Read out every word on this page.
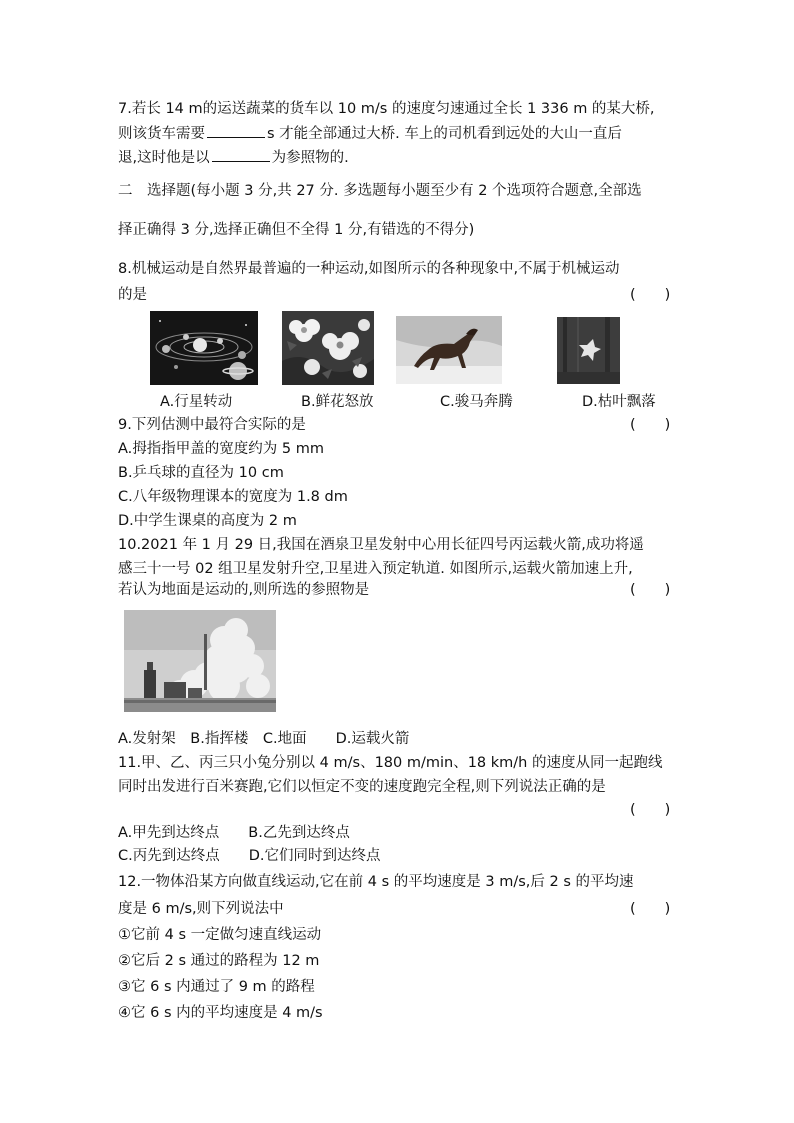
7.若长 14 m的运送蔬菜的货车以 10 m/s 的速度匀速通过全长 1 336 m 的某大桥,
则该货车需要	s 才能全部通过大桥. 车上的司机看到远处的大山一直后
退,这时他是以	为参照物的.
二　选择题(每小题 3 分,共 27 分. 多选题每小题至少有 2 个选项符合题意,全部选
择正确得 3 分,选择正确但不全得 1 分,有错选的不得分)
8.机械运动是自然界最普遍的一种运动,如图所示的各种现象中,不属于机械运动
的是	(　　)
A.行星转动	B.鲜花怒放	C.骏马奔腾	D.枯叶飘落
9.下列估测中最符合实际的是	(　　)
A.拇指指甲盖的宽度约为 5 mm
B.乒乓球的直径为 10 cm
C.八年级物理课本的宽度为 1.8 dm
D.中学生课桌的高度为 2 m
10.2021 年 1 月 29 日,我国在酒泉卫星发射中心用长征四号丙运载火箭,成功将遥
感三十一号 02 组卫星发射升空,卫星进入预定轨道. 如图所示,运载火箭加速上升,
若认为地面是运动的,则所选的参照物是	(　　)
A.发射架　B.指挥楼　C.地面　　D.运载火箭
11.甲、乙、丙三只小兔分别以 4 m/s、180 m/min、18 km/h 的速度从同一起跑线
同时出发进行百米赛跑,它们以恒定不变的速度跑完全程,则下列说法正确的是
(　　)
A.甲先到达终点　　B.乙先到达终点
C.丙先到达终点　　D.它们同时到达终点
12.一物体沿某方向做直线运动,它在前 4 s 的平均速度是 3 m/s,后 2 s 的平均速
度是 6 m/s,则下列说法中	(　　)
①它前 4 s 一定做匀速直线运动
②它后 2 s 通过的路程为 12 m
③它 6 s 内通过了 9 m 的路程
④它 6 s 内的平均速度是 4 m/s
